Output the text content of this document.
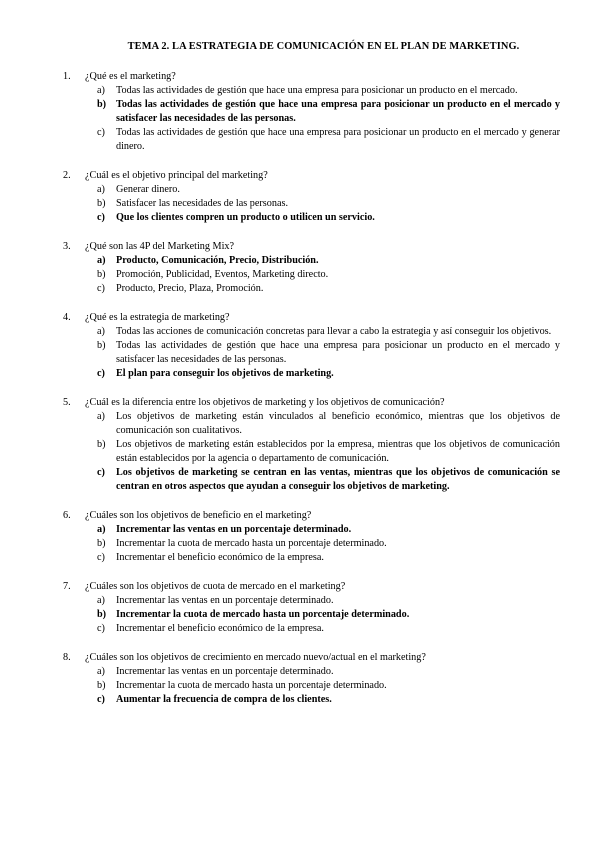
TEMA 2. LA ESTRATEGIA DE COMUNICACIÓN EN EL PLAN DE MARKETING.
1.	¿Qué es el marketing?
a)	Todas las actividades de gestión que hace una empresa para posicionar un producto en el mercado.
b) Todas las actividades de gestión que hace una empresa para posicionar un producto en el mercado y satisfacer las necesidades de las personas.
c)	Todas las actividades de gestión que hace una empresa para posicionar un producto en el mercado y generar dinero.
2.	¿Cuál es el objetivo principal del marketing?
a)	Generar dinero.
b)	Satisfacer las necesidades de las personas.
c)	Que los clientes compren un producto o utilicen un servicio.
3.	¿Qué son las 4P del Marketing Mix?
a)	Producto, Comunicación, Precio, Distribución.
b)	Promoción, Publicidad, Eventos, Marketing directo.
c)	Producto, Precio, Plaza, Promoción.
4.	¿Qué es la estrategia de marketing?
a)	Todas las acciones de comunicación concretas para llevar a cabo la estrategia y así conseguir los objetivos.
b)	Todas las actividades de gestión que hace una empresa para posicionar un producto en el mercado y satisfacer las necesidades de las personas.
c)	El plan para conseguir los objetivos de marketing.
5.	¿Cuál es la diferencia entre los objetivos de marketing y los objetivos de comunicación?
a)	Los objetivos de marketing están vinculados al beneficio económico, mientras que los objetivos de comunicación son cualitativos.
b)	Los objetivos de marketing están establecidos por la empresa, mientras que los objetivos de comunicación están establecidos por la agencia o departamento de comunicación.
c)	Los objetivos de marketing se centran en las ventas, mientras que los objetivos de comunicación se centran en otros aspectos que ayudan a conseguir los objetivos de marketing.
6.	¿Cuáles son los objetivos de beneficio en el marketing?
a)	Incrementar las ventas en un porcentaje determinado.
b)	Incrementar la cuota de mercado hasta un porcentaje determinado.
c)	Incrementar el beneficio económico de la empresa.
7.	¿Cuáles son los objetivos de cuota de mercado en el marketing?
a)	Incrementar las ventas en un porcentaje determinado.
b) Incrementar la cuota de mercado hasta un porcentaje determinado.
c)	Incrementar el beneficio económico de la empresa.
8.	¿Cuáles son los objetivos de crecimiento en mercado nuevo/actual en el marketing?
a)	Incrementar las ventas en un porcentaje determinado.
b)	Incrementar la cuota de mercado hasta un porcentaje determinado.
c)	Aumentar la frecuencia de compra de los clientes.
